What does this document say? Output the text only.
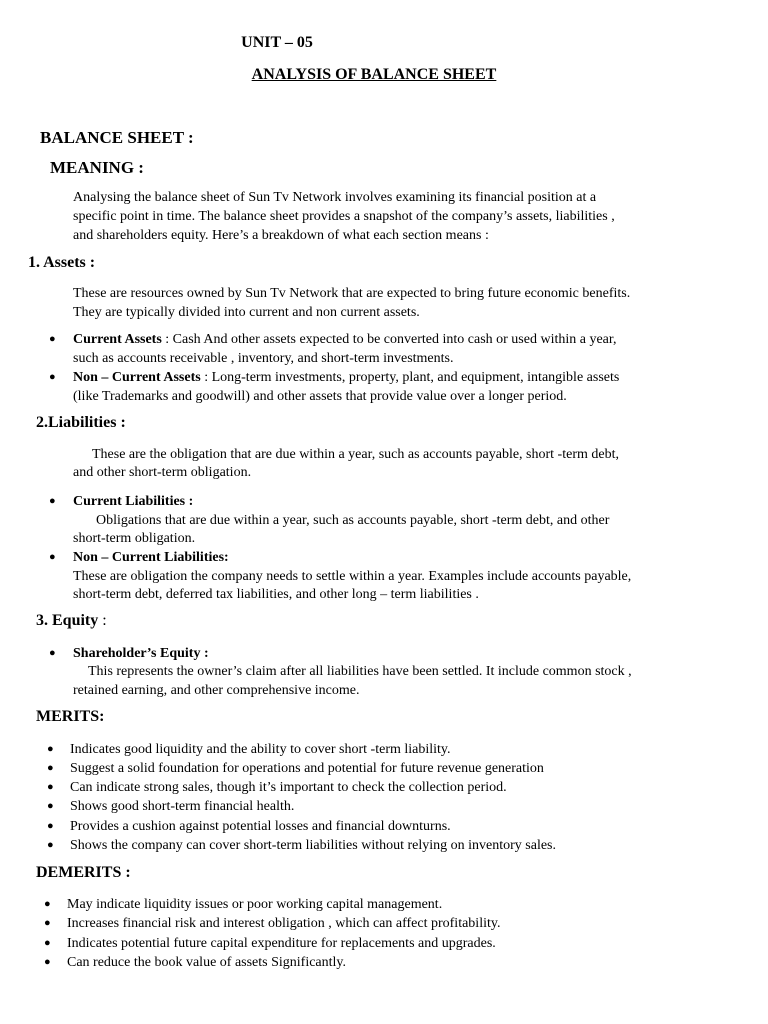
UNIT – 05
ANALYSIS OF BALANCE SHEET
BALANCE SHEET :
MEANING :
Analysing the balance sheet of Sun Tv Network involves examining its financial position at a
specific point in time. The balance sheet provides a snapshot of the company’s assets, liabilities ,
and shareholders equity. Here’s a breakdown of what each section means :
1. Assets :
These are resources owned by Sun Tv Network that are expected to bring future economic benefits.
They are typically divided into current and non current assets.
● Current Assets : Cash And other assets expected to be converted into cash or used within a year,
such as accounts receivable , inventory, and short-term investments.
● Non – Current Assets : Long-term investments, property, plant, and equipment, intangible assets
(like Trademarks and goodwill) and other assets that provide value over a longer period.
2.Liabilities :
These are the obligation that are due within a year, such as accounts payable, short -term debt,
and other short-term obligation.
● Current Liabilities :
Obligations that are due within a year, such as accounts payable, short -term debt, and other
short-term obligation.
● Non – Current Liabilities:
These are obligation the company needs to settle within a year. Examples include accounts payable,
short-term debt, deferred tax liabilities, and other long – term liabilities .
3. Equity :
● Shareholder’s Equity :
This represents the owner’s claim after all liabilities have been settled. It include common stock ,
retained earning, and other comprehensive income.
MERITS:
● Indicates good liquidity and the ability to cover short -term liability.
● Suggest a solid foundation for operations and potential for future revenue generation
● Can indicate strong sales, though it’s important to check the collection period.
● Shows good short-term financial health.
● Provides a cushion against potential losses and financial downturns.
● Shows the company can cover short-term liabilities without relying on inventory sales.
DEMERITS :
● May indicate liquidity issues or poor working capital management.
● Increases financial risk and interest obligation , which can affect profitability.
● Indicates potential future capital expenditure for replacements and upgrades.
● Can reduce the book value of assets Significantly.
